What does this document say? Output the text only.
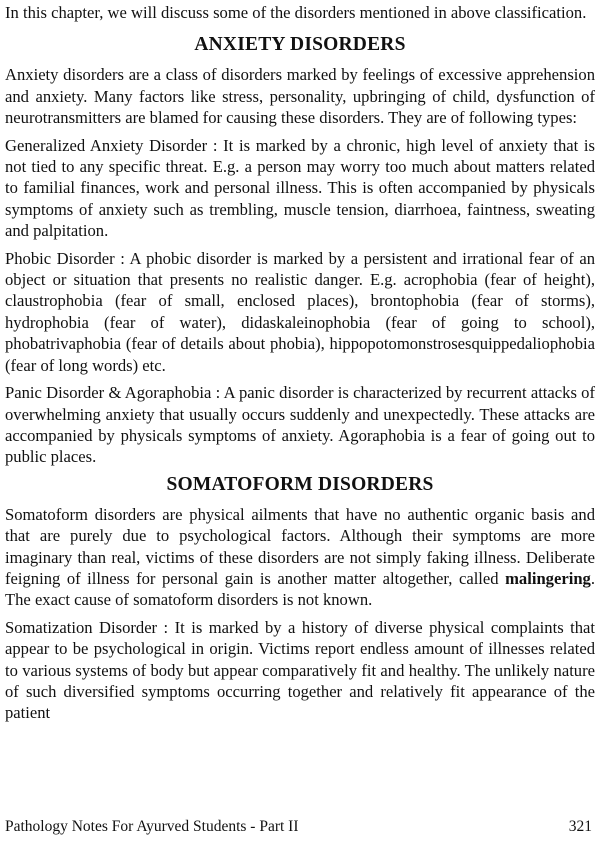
In this chapter, we will discuss some of the disorders mentioned in above classification.

ANXIETY DISORDERS

Anxiety disorders are a class of disorders marked by feelings of excessive apprehension and anxiety. Many factors like stress, personality, upbringing of child, dysfunction of neurotransmitters are blamed for causing these disorders. They are of following types:

Generalized Anxiety Disorder : It is marked by a chronic, high level of anxiety that is not tied to any specific threat. E.g. a person may worry too much about matters related to familial finances, work and personal illness. This is often accompanied by physicals symptoms of anxiety such as trembling, muscle tension, diarrhoea, faintness, sweating and palpitation.

Phobic Disorder : A phobic disorder is marked by a persistent and irrational fear of an object or situation that presents no realistic danger. E.g. acrophobia (fear of height), claustrophobia (fear of small, enclosed places), brontophobia (fear of storms), hydrophobia (fear of water), didaskaleinophobia (fear of going to school), phobatrivaphobia (fear of details about phobia), hippopotomonstrosesquippedaliophobia (fear of long words) etc.

Panic Disorder & Agoraphobia : A panic disorder is characterized by recurrent attacks of overwhelming anxiety that usually occurs suddenly and unexpectedly. These attacks are accompanied by physicals symptoms of anxiety. Agoraphobia is a fear of going out to public places.

SOMATOFORM DISORDERS

Somatoform disorders are physical ailments that have no authentic organic basis and that are purely due to psychological factors. Although their symptoms are more imaginary than real, victims of these disorders are not simply faking illness. Deliberate feigning of illness for personal gain is another matter altogether, called malingering. The exact cause of somatoform disorders is not known.

Somatization Disorder : It is marked by a history of diverse physical complaints that appear to be psychological in origin. Victims report endless amount of illnesses related to various systems of body but appear comparatively fit and healthy. The unlikely nature of such diversified symptoms occurring together and relatively fit appearance of the patient

Pathology Notes For Ayurved Students - Part II	321
